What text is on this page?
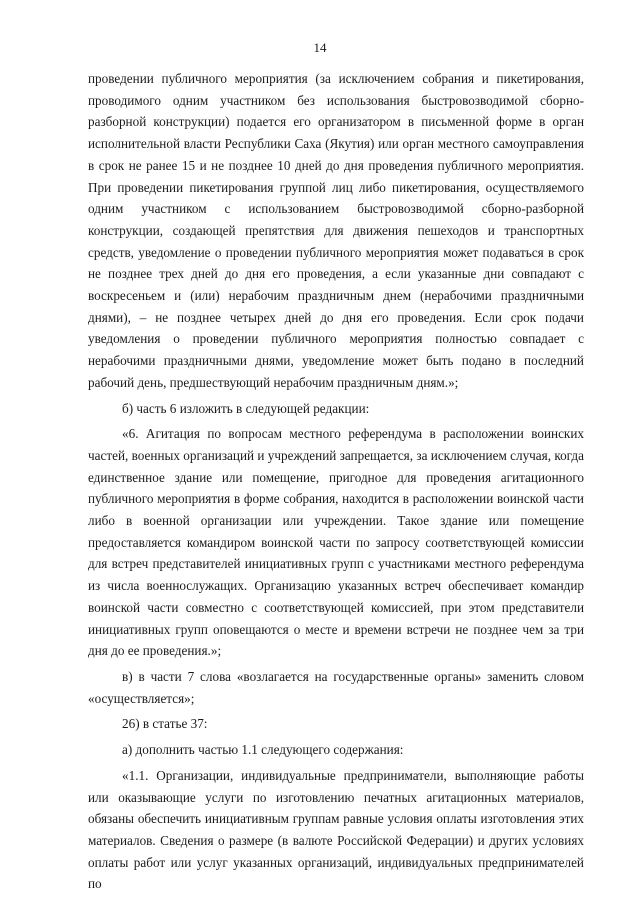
14

проведении публичного мероприятия (за исключением собрания и пикетирования, проводимого одним участником без использования быстровозводимой сборно-разборной конструкции) подается его организатором в письменной форме в орган исполнительной власти Республики Саха (Якутия) или орган местного самоуправления в срок не ранее 15 и не позднее 10 дней до дня проведения публичного мероприятия. При проведении пикетирования группой лиц либо пикетирования, осуществляемого одним участником с использованием быстровозводимой сборно-разборной конструкции, создающей препятствия для движения пешеходов и транспортных средств, уведомление о проведении публичного мероприятия может подаваться в срок не позднее трех дней до дня его проведения, а если указанные дни совпадают с воскресеньем и (или) нерабочим праздничным днем (нерабочими праздничными днями), – не позднее четырех дней до дня его проведения. Если срок подачи уведомления о проведении публичного мероприятия полностью совпадает с нерабочими праздничными днями, уведомление может быть подано в последний рабочий день, предшествующий нерабочим праздничным дням.»;

б) часть 6 изложить в следующей редакции:

«6. Агитация по вопросам местного референдума в расположении воинских частей, военных организаций и учреждений запрещается, за исключением случая, когда единственное здание или помещение, пригодное для проведения агитационного публичного мероприятия в форме собрания, находится в расположении воинской части либо в военной организации или учреждении. Такое здание или помещение предоставляется командиром воинской части по запросу соответствующей комиссии для встреч представителей инициативных групп с участниками местного референдума из числа военнослужащих. Организацию указанных встреч обеспечивает командир воинской части совместно с соответствующей комиссией, при этом представители инициативных групп оповещаются о месте и времени встречи не позднее чем за три дня до ее проведения.»;

в) в части 7 слова «возлагается на государственные органы» заменить словом «осуществляется»;

26) в статье 37:

а) дополнить частью 1.1 следующего содержания:

«1.1. Организации, индивидуальные предприниматели, выполняющие работы или оказывающие услуги по изготовлению печатных агитационных материалов, обязаны обеспечить инициативным группам равные условия оплаты изготовления этих материалов. Сведения о размере (в валюте Российской Федерации) и других условиях оплаты работ или услуг указанных организаций, индивидуальных предпринимателей по
